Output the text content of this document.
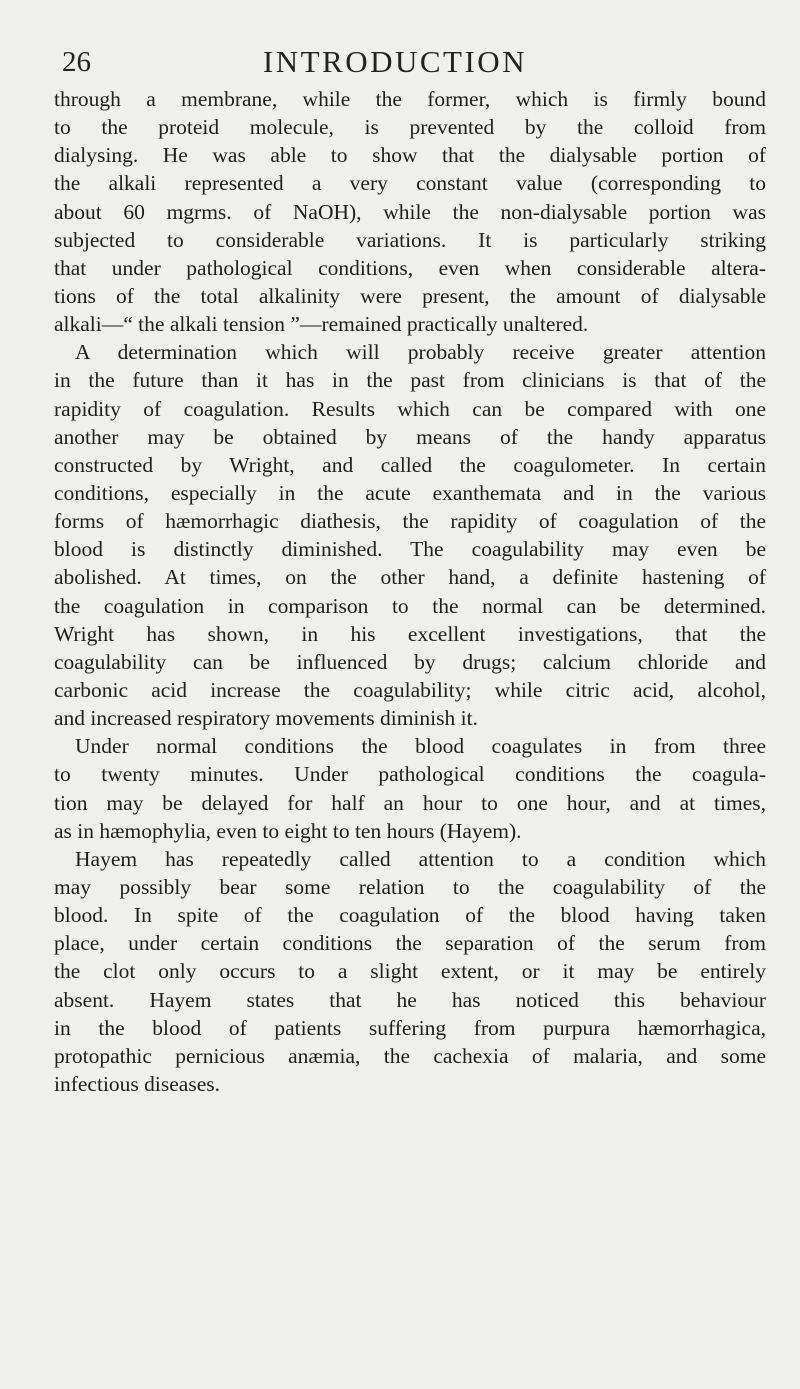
26	INTRODUCTION
through a membrane, while the former, which is firmly bound
to the proteid molecule, is prevented by the colloid from
dialysing. He was able to show that the dialysable portion of
the alkali represented a very constant value (corresponding to
about 60 mgrms. of NaOH), while the non-dialysable portion was
subjected to considerable variations. It is particularly striking
that under pathological conditions, even when considerable altera-
tions of the total alkalinity were present, the amount of dialysable
alkali—“ the alkali tension ”—remained practically unaltered.
A determination which will probably receive greater attention
in the future than it has in the past from clinicians is that of the
rapidity of coagulation. Results which can be compared with one
another may be obtained by means of the handy apparatus
constructed by Wright, and called the coagulometer. In certain
conditions, especially in the acute exanthemata and in the various
forms of hæmorrhagic diathesis, the rapidity of coagulation of the
blood is distinctly diminished. The coagulability may even be
abolished. At times, on the other hand, a definite hastening of
the coagulation in comparison to the normal can be determined.
Wright has shown, in his excellent investigations, that the
coagulability can be influenced by drugs; calcium chloride and
carbonic acid increase the coagulability; while citric acid, alcohol,
and increased respiratory movements diminish it.
Under normal conditions the blood coagulates in from three
to twenty minutes. Under pathological conditions the coagula-
tion may be delayed for half an hour to one hour, and at times,
as in hæmophylia, even to eight to ten hours (Hayem).
Hayem has repeatedly called attention to a condition which
may possibly bear some relation to the coagulability of the
blood. In spite of the coagulation of the blood having taken
place, under certain conditions the separation of the serum from
the clot only occurs to a slight extent, or it may be entirely
absent. Hayem states that he has noticed this behaviour
in the blood of patients suffering from purpura hæmorrhagica,
protopathic pernicious anæmia, the cachexia of malaria, and some
infectious diseases.
